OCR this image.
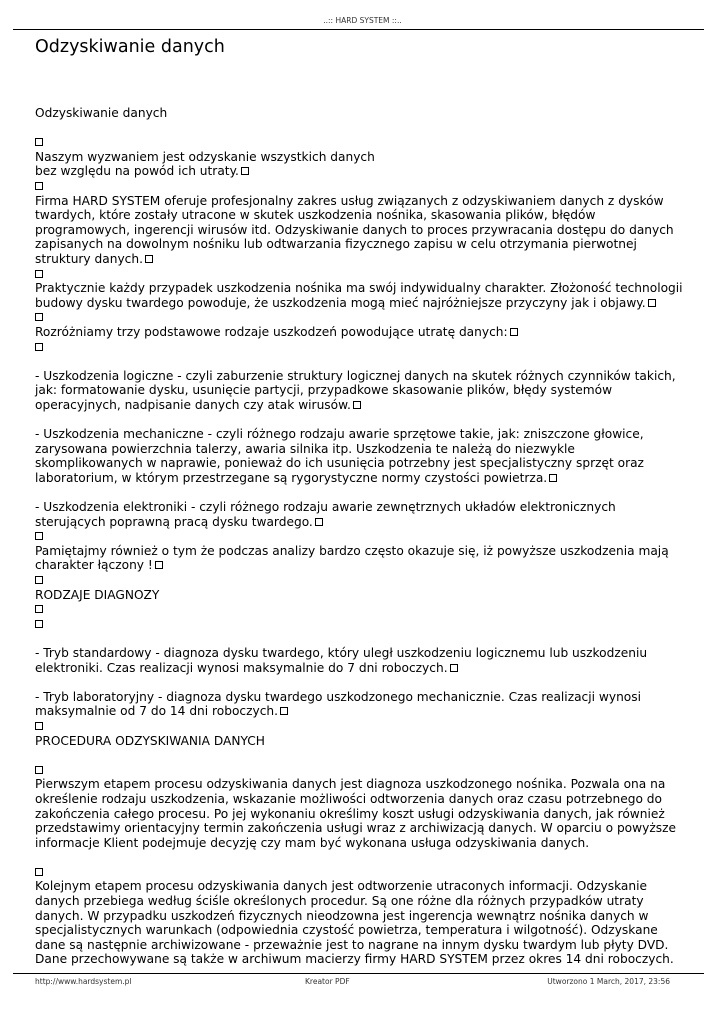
..:: HARD SYSTEM ::..
Odzyskiwanie danych
Odzyskiwanie danych
Naszym wyzwaniem jest odzyskanie wszystkich danych
bez względu na powód ich utraty.
Firma HARD SYSTEM oferuje profesjonalny zakres usług związanych z odzyskiwaniem danych z dysków
twardych, które zostały utracone w skutek uszkodzenia nośnika, skasowania plików, błędów
programowych, ingerencji wirusów itd. Odzyskiwanie danych to proces przywracania dostępu do danych
zapisanych na dowolnym nośniku lub odtwarzania fizycznego zapisu w celu otrzymania pierwotnej
struktury danych.
Praktycznie każdy przypadek uszkodzenia nośnika ma swój indywidualny charakter. Złożoność technologii
budowy dysku twardego powoduje, że uszkodzenia mogą mieć najróżniejsze przyczyny jak i objawy.
Rozróżniamy trzy podstawowe rodzaje uszkodzeń powodujące utratę danych:
- Uszkodzenia logiczne - czyli zaburzenie struktury logicznej danych na skutek różnych czynników takich,
jak: formatowanie dysku, usunięcie partycji, przypadkowe skasowanie plików, błędy systemów
operacyjnych, nadpisanie danych czy atak wirusów.
- Uszkodzenia mechaniczne - czyli różnego rodzaju awarie sprzętowe takie, jak: zniszczone głowice,
zarysowana powierzchnia talerzy, awaria silnika itp. Uszkodzenia te należą do niezwykle
skomplikowanych w naprawie, ponieważ do ich usunięcia potrzebny jest specjalistyczny sprzęt oraz
laboratorium, w którym przestrzegane są rygorystyczne normy czystości powietrza.
- Uszkodzenia elektroniki - czyli różnego rodzaju awarie zewnętrznych układów elektronicznych
sterujących poprawną pracą dysku twardego.
Pamiętajmy również o tym że podczas analizy bardzo często okazuje się, iż powyższe uszkodzenia mają
charakter łączony !
RODZAJE DIAGNOZY
- Tryb standardowy - diagnoza dysku twardego, który uległ uszkodzeniu logicznemu lub uszkodzeniu
elektroniki. Czas realizacji wynosi maksymalnie do 7 dni roboczych.
- Tryb laboratoryjny - diagnoza dysku twardego uszkodzonego mechanicznie. Czas realizacji wynosi
maksymalnie od 7 do 14 dni roboczych.
PROCEDURA ODZYSKIWANIA DANYCH
Pierwszym etapem procesu odzyskiwania danych jest diagnoza uszkodzonego nośnika. Pozwala ona na
określenie rodzaju uszkodzenia, wskazanie możliwości odtworzenia danych oraz czasu potrzebnego do
zakończenia całego procesu. Po jej wykonaniu określimy koszt usługi odzyskiwania danych, jak również
przedstawimy orientacyjny termin zakończenia usługi wraz z archiwizacją danych. W oparciu o powyższe
informacje Klient podejmuje decyzję czy mam być wykonana usługa odzyskiwania danych.
Kolejnym etapem procesu odzyskiwania danych jest odtworzenie utraconych informacji. Odzyskanie
danych przebiega według ściśle określonych procedur. Są one różne dla różnych przypadków utraty
danych. W przypadku uszkodzeń fizycznych nieodzowna jest ingerencja wewnątrz nośnika danych w
specjalistycznych warunkach (odpowiednia czystość powietrza, temperatura i wilgotność). Odzyskane
dane są następnie archiwizowane - przeważnie jest to nagrane na innym dysku twardym lub płyty DVD.
Dane przechowywane są także w archiwum macierzy firmy HARD SYSTEM przez okres 14 dni roboczych.
http://www.hardsystem.pl	Kreator PDF	Utworzono 1 March, 2017, 23:56
